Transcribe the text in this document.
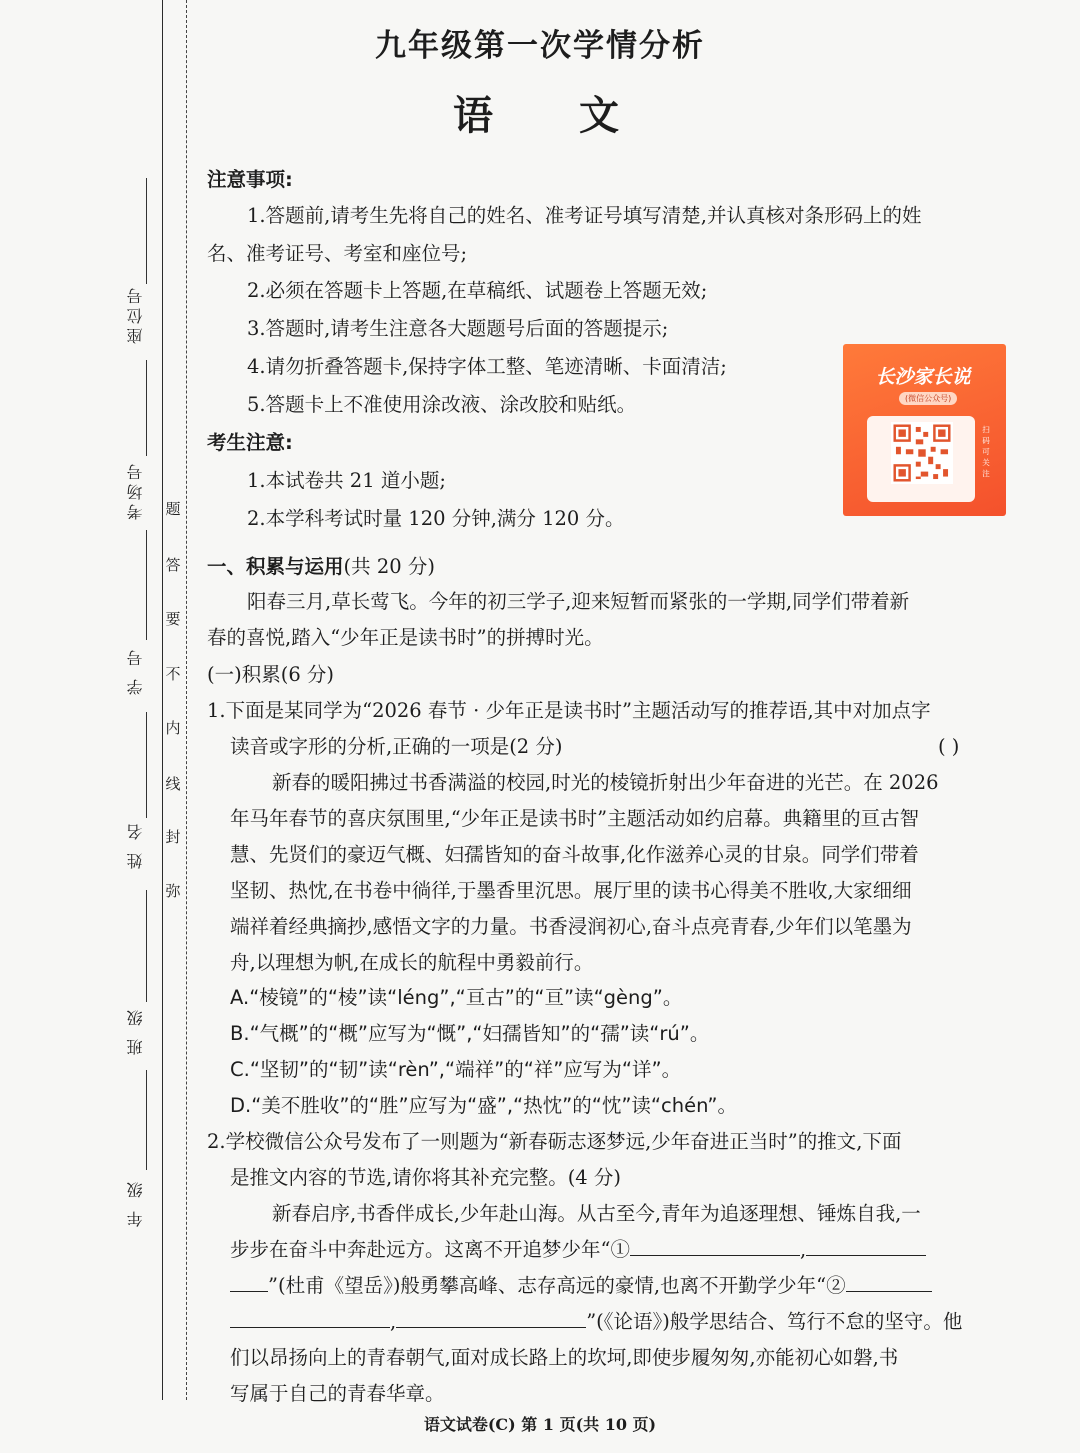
座位号
考场号
学 号
姓 名
班 级
年 级
题
答
要
不
内
线
封
弥
九年级第一次学情分析
语 文
注意事项:
1.答题前,请考生先将自己的姓名、准考证号填写清楚,并认真核对条形码上的姓
名、准考证号、考室和座位号;
2.必须在答题卡上答题,在草稿纸、试题卷上答题无效;
3.答题时,请考生注意各大题题号后面的答题提示;
4.请勿折叠答题卡,保持字体工整、笔迹清晰、卡面清洁;
5.答题卡上不准使用涂改液、涂改胶和贴纸。
考生注意:
1.本试卷共 21 道小题;
2.本学科考试时量 120 分钟,满分 120 分。
长沙家长说
(微信公众号)
扫码可关注
一、积累与运用(共 20 分)
阳春三月,草长莺飞。今年的初三学子,迎来短暂而紧张的一学期,同学们带着新
春的喜悦,踏入“少年正是读书时”的拼搏时光。
(一)积累(6 分)
1.下面是某同学为“2026 春节 · 少年正是读书时”主题活动写的推荐语,其中对加点字
读音或字形的分析,正确的一项是(2 分)	( )
新春的暖阳拂过书香满溢的校园,时光的棱镜折射出少年奋进的光芒。在 2026
年马年春节的喜庆氛围里,“少年正是读书时”主题活动如约启幕。典籍里的亘古智
慧、先贤们的豪迈气概、妇孺皆知的奋斗故事,化作滋养心灵的甘泉。同学们带着
坚韧、热忱,在书卷中徜徉,于墨香里沉思。展厅里的读书心得美不胜收,大家细细
端祥着经典摘抄,感悟文字的力量。书香浸润初心,奋斗点亮青春,少年们以笔墨为
舟,以理想为帆,在成长的航程中勇毅前行。
A.“棱镜”的“棱”读“léng”,“亘古”的“亘”读“gèng”。
B.“气概”的“概”应写为“慨”,“妇孺皆知”的“孺”读“rú”。
C.“坚韧”的“韧”读“rèn”,“端祥”的“祥”应写为“详”。
D.“美不胜收”的“胜”应写为“盛”,“热忱”的“忱”读“chén”。
2.学校微信公众号发布了一则题为“新春砺志逐梦远,少年奋进正当时”的推文,下面
是推文内容的节选,请你将其补充完整。(4 分)
新春启序,书香伴成长,少年赴山海。从古至今,青年为追逐理想、锤炼自我,一
步步在奋斗中奔赴远方。这离不开追梦少年“①	,
”(杜甫《望岳》)般勇攀高峰、志存高远的豪情,也离不开勤学少年“②
,	”(《论语》)般学思结合、笃行不怠的坚守。他
们以昂扬向上的青春朝气,面对成长路上的坎坷,即使步履匆匆,亦能初心如磐,书
写属于自己的青春华章。
语文试卷(C) 第 1 页(共 10 页)
